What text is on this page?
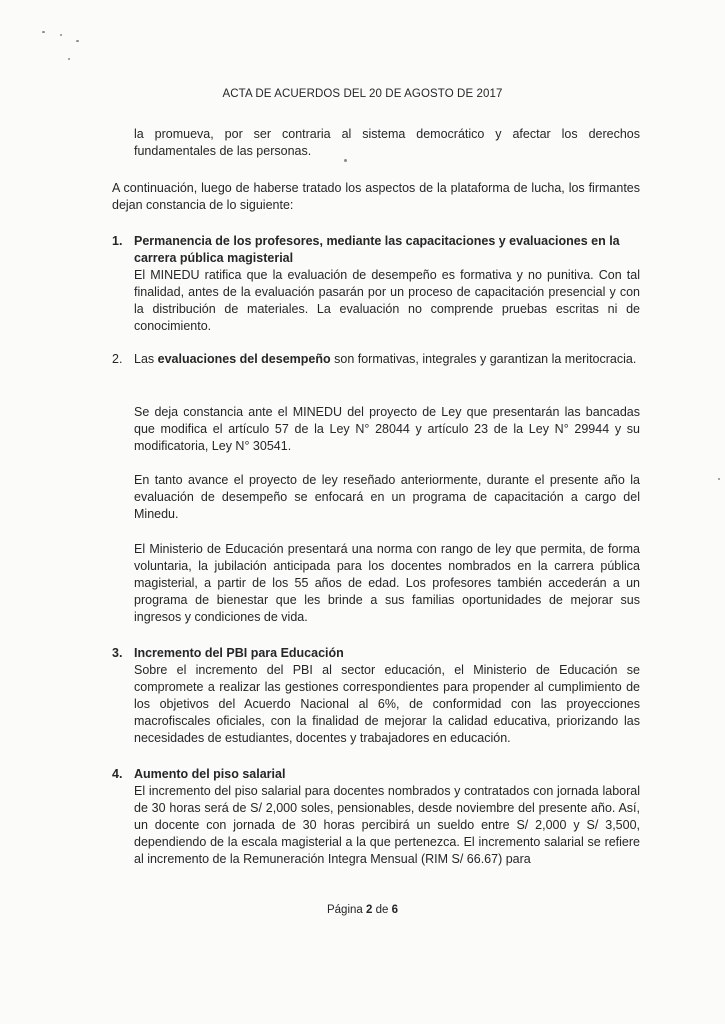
ACTA DE ACUERDOS DEL 20 DE AGOSTO DE 2017
la promueva, por ser contraria al sistema democrático y afectar los derechos fundamentales de las personas.
A continuación, luego de haberse tratado los aspectos de la plataforma de lucha, los firmantes dejan constancia de lo siguiente:
1. Permanencia de los profesores, mediante las capacitaciones y evaluaciones en la carrera pública magisterial
El MINEDU ratifica que la evaluación de desempeño es formativa y no punitiva. Con tal finalidad, antes de la evaluación pasarán por un proceso de capacitación presencial y con la distribución de materiales. La evaluación no comprende pruebas escritas ni de conocimiento.
2. Las evaluaciones del desempeño son formativas, integrales y garantizan la meritocracia.
Se deja constancia ante el MINEDU del proyecto de Ley que presentarán las bancadas que modifica el artículo 57 de la Ley N° 28044 y artículo 23 de la Ley N° 29944 y su modificatoria, Ley N° 30541.
En tanto avance el proyecto de ley reseñado anteriormente, durante el presente año la evaluación de desempeño se enfocará en un programa de capacitación a cargo del Minedu.
El Ministerio de Educación presentará una norma con rango de ley que permita, de forma voluntaria, la jubilación anticipada para los docentes nombrados en la carrera pública magisterial, a partir de los 55 años de edad. Los profesores también accederán a un programa de bienestar que les brinde a sus familias oportunidades de mejorar sus ingresos y condiciones de vida.
3. Incremento del PBI para Educación
Sobre el incremento del PBI al sector educación, el Ministerio de Educación se compromete a realizar las gestiones correspondientes para propender al cumplimiento de los objetivos del Acuerdo Nacional al 6%, de conformidad con las proyecciones macrofiscales oficiales, con la finalidad de mejorar la calidad educativa, priorizando las necesidades de estudiantes, docentes y trabajadores en educación.
4. Aumento del piso salarial
El incremento del piso salarial para docentes nombrados y contratados con jornada laboral de 30 horas será de S/ 2,000 soles, pensionables, desde noviembre del presente año. Así, un docente con jornada de 30 horas percibirá un sueldo entre S/ 2,000 y S/ 3,500, dependiendo de la escala magisterial a la que pertenezca. El incremento salarial se refiere al incremento de la Remuneración Integra Mensual (RIM S/ 66.67) para
Página 2 de 6
